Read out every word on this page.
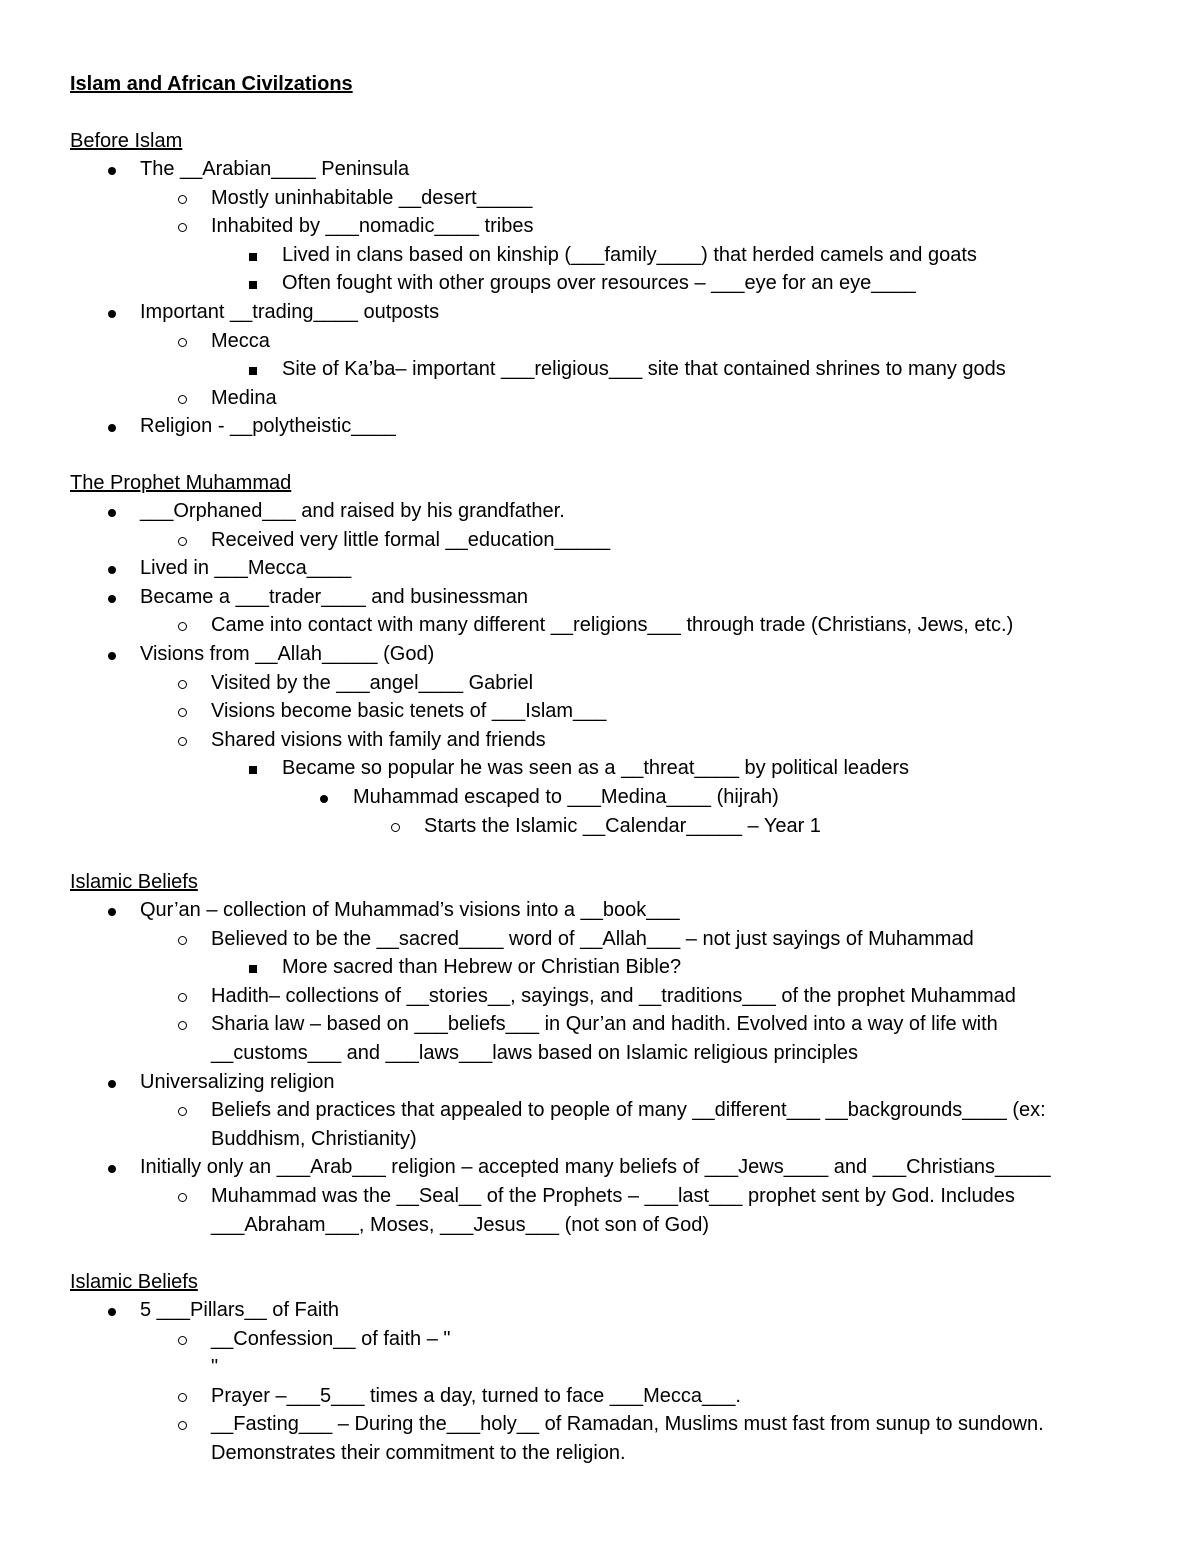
Islam and African Civilzations
Before Islam
The __Arabian____ Peninsula
Mostly uninhabitable __desert_____
Inhabited by ___nomadic____ tribes
Lived in clans based on kinship (___family____) that herded camels and goats
Often fought with other groups over resources – ___eye for an eye____
Important __trading____ outposts
Mecca
Site of Ka’ba– important ___religious___ site that contained shrines to many gods
Medina
Religion - __polytheistic____
The Prophet Muhammad
___Orphaned___ and raised by his grandfather.
Received very little formal __education_____
Lived in ___Mecca____
Became a ___trader____ and businessman
Came into contact with many different __religions___ through trade (Christians, Jews, etc.)
Visions from __Allah_____ (God)
Visited by the ___angel____ Gabriel
Visions become basic tenets of ___Islam___
Shared visions with family and friends
Became so popular he was seen as a __threat____ by political leaders
Muhammad escaped to ___Medina____ (hijrah)
Starts the Islamic __Calendar_____ – Year 1
Islamic Beliefs
Qur’an – collection of Muhammad’s visions into a __book___
Believed to be the __sacred____ word of __Allah___ – not just sayings of Muhammad
More sacred than Hebrew or Christian Bible?
Hadith– collections of __stories__, sayings, and __traditions___ of the prophet Muhammad
Sharia law – based on ___beliefs___ in Qur’an and hadith. Evolved into a way of life with
__customs___ and ___laws___laws based on Islamic religious principles
Universalizing religion
Beliefs and practices that appealed to people of many __different___ __backgrounds____ (ex:
Buddhism, Christianity)
Initially only an ___Arab___ religion – accepted many beliefs of ___Jews____ and ___Christians_____
Muhammad was the __Seal__ of the Prophets – ___last___ prophet sent by God. Includes
___Abraham___, Moses, ___Jesus___ (not son of God)
Islamic Beliefs
5 ___Pillars__ of Faith
__Confession__ of faith – "
"
Prayer –___5___ times a day, turned to face ___Mecca___.
__Fasting___ – During the___holy__ of Ramadan, Muslims must fast from sunup to sundown.
Demonstrates their commitment to the religion.
